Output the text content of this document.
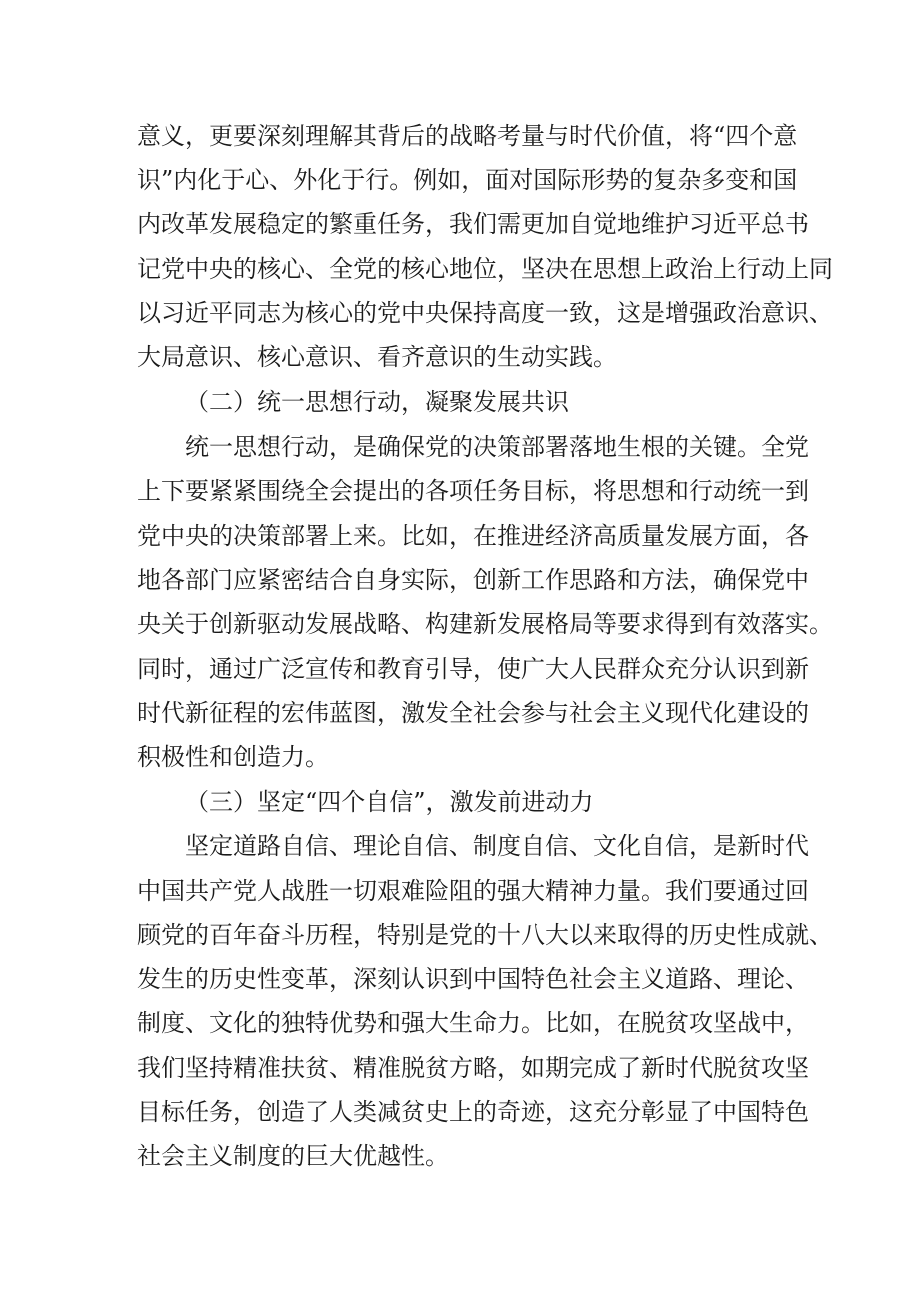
意义，更要深刻理解其背后的战略考量与时代价值，将“四个意
识”内化于心、外化于行。例如，面对国际形势的复杂多变和国
内改革发展稳定的繁重任务，我们需更加自觉地维护习近平总书
记党中央的核心、全党的核心地位，坚决在思想上政治上行动上同
以习近平同志为核心的党中央保持高度一致，这是增强政治意识、
大局意识、核心意识、看齐意识的生动实践。
（二）统一思想行动，凝聚发展共识
统一思想行动，是确保党的决策部署落地生根的关键。全党
上下要紧紧围绕全会提出的各项任务目标，将思想和行动统一到
党中央的决策部署上来。比如，在推进经济高质量发展方面，各
地各部门应紧密结合自身实际，创新工作思路和方法，确保党中
央关于创新驱动发展战略、构建新发展格局等要求得到有效落实。
同时，通过广泛宣传和教育引导，使广大人民群众充分认识到新
时代新征程的宏伟蓝图，激发全社会参与社会主义现代化建设的
积极性和创造力。
（三）坚定“四个自信”，激发前进动力
坚定道路自信、理论自信、制度自信、文化自信，是新时代
中国共产党人战胜一切艰难险阻的强大精神力量。我们要通过回
顾党的百年奋斗历程，特别是党的十八大以来取得的历史性成就、
发生的历史性变革，深刻认识到中国特色社会主义道路、理论、
制度、文化的独特优势和强大生命力。比如，在脱贫攻坚战中，
我们坚持精准扶贫、精准脱贫方略，如期完成了新时代脱贫攻坚
目标任务，创造了人类减贫史上的奇迹，这充分彰显了中国特色
社会主义制度的巨大优越性。
